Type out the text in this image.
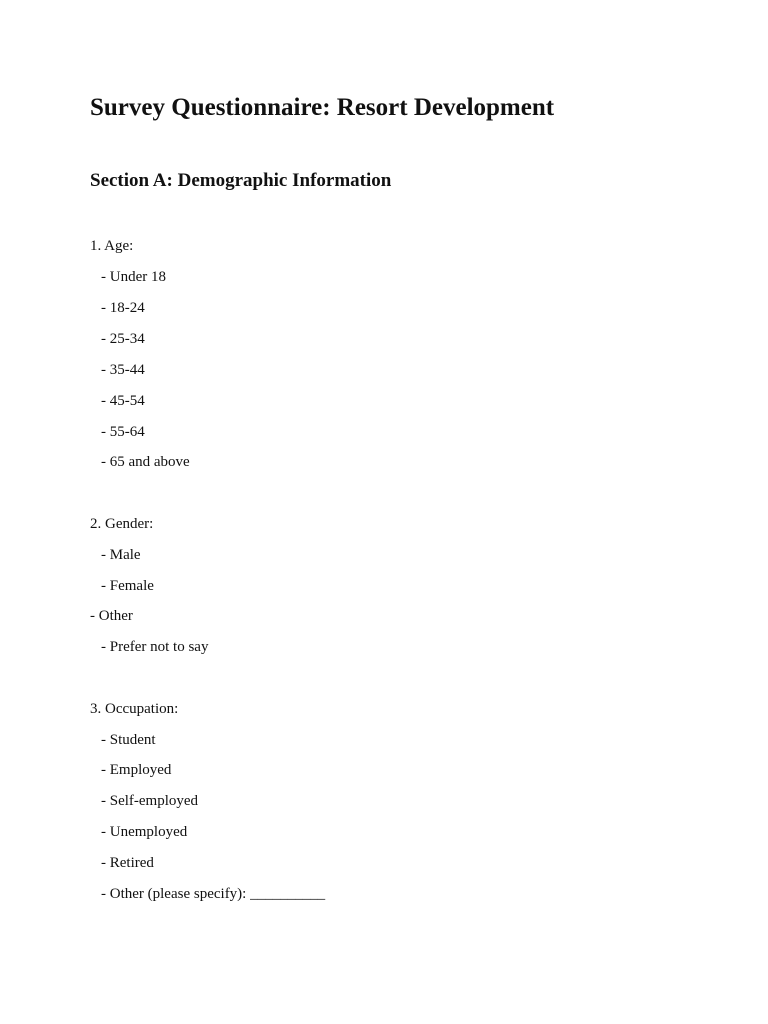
Survey Questionnaire: Resort Development
Section A: Demographic Information

1. Age:

- Under 18

- 18-24

- 25-34

- 35-44

- 45-54

- 55-64

- 65 and above

2. Gender:

- Male

- Female

- Other

- Prefer not to say

3. Occupation:

- Student

- Employed

- Self-employed

- Unemployed

- Retired

- Other (please specify): __________
